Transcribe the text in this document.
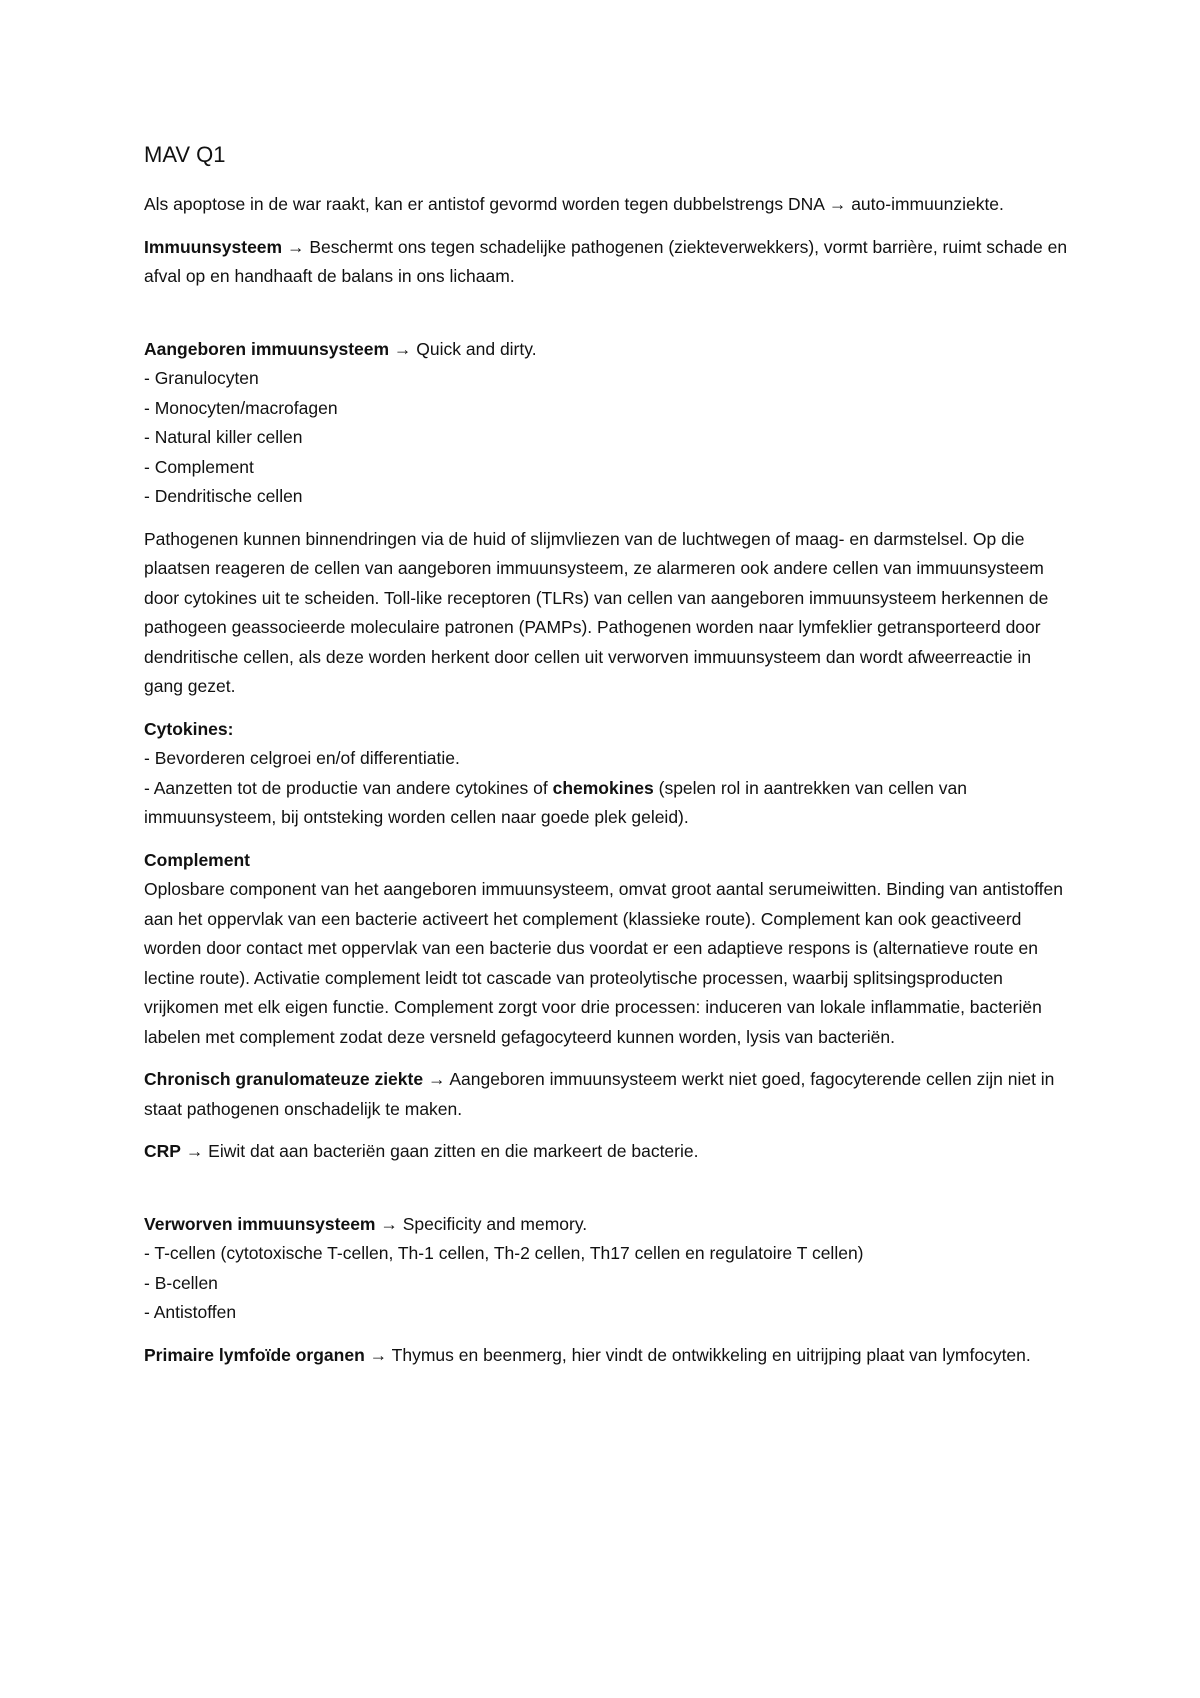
MAV Q1

Als apoptose in de war raakt, kan er antistof gevormd worden tegen dubbelstrengs DNA → auto-immuunziekte.

Immuunsysteem → Beschermt ons tegen schadelijke pathogenen (ziekteverwekkers), vormt barrière, ruimt schade en afval op en handhaaft de balans in ons lichaam.

Aangeboren immuunsysteem → Quick and dirty.
- Granulocyten
- Monocyten/macrofagen
- Natural killer cellen
- Complement
- Dendritische cellen

Pathogenen kunnen binnendringen via de huid of slijmvliezen van de luchtwegen of maag- en darmstelsel. Op die plaatsen reageren de cellen van aangeboren immuunsysteem, ze alarmeren ook andere cellen van immuunsysteem door cytokines uit te scheiden. Toll-like receptoren (TLRs) van cellen van aangeboren immuunsysteem herkennen de pathogeen geassocieerde moleculaire patronen (PAMPs). Pathogenen worden naar lymfeklier getransporteerd door dendritische cellen, als deze worden herkent door cellen uit verworven immuunsysteem dan wordt afweerreactie in gang gezet.

Cytokines:
- Bevorderen celgroei en/of differentiatie.
- Aanzetten tot de productie van andere cytokines of chemokines (spelen rol in aantrekken van cellen van immuunsysteem, bij ontsteking worden cellen naar goede plek geleid).
Complement
Oplosbare component van het aangeboren immuunsysteem, omvat groot aantal serumeiwitten. Binding van antistoffen aan het oppervlak van een bacterie activeert het complement (klassieke route). Complement kan ook geactiveerd worden door contact met oppervlak van een bacterie dus voordat er een adaptieve respons is (alternatieve route en lectine route). Activatie complement leidt tot cascade van proteolytische processen, waarbij splitsingsproducten vrijkomen met elk eigen functie. Complement zorgt voor drie processen: induceren van lokale inflammatie, bacteriën labelen met complement zodat deze versneld gefagocyteerd kunnen worden, lysis van bacteriën.

Chronisch granulomateuze ziekte → Aangeboren immuunsysteem werkt niet goed, fagocyterende cellen zijn niet in staat pathogenen onschadelijk te maken.

CRP → Eiwit dat aan bacteriën gaan zitten en die markeert de bacterie.

Verworven immuunsysteem → Specificity and memory.
- T-cellen (cytotoxische T-cellen, Th-1 cellen, Th-2 cellen, Th17 cellen en regulatoire T cellen)
- B-cellen
- Antistoffen

Primaire lymfoïde organen → Thymus en beenmerg, hier vindt de ontwikkeling en uitrijping plaat van lymfocyten.
